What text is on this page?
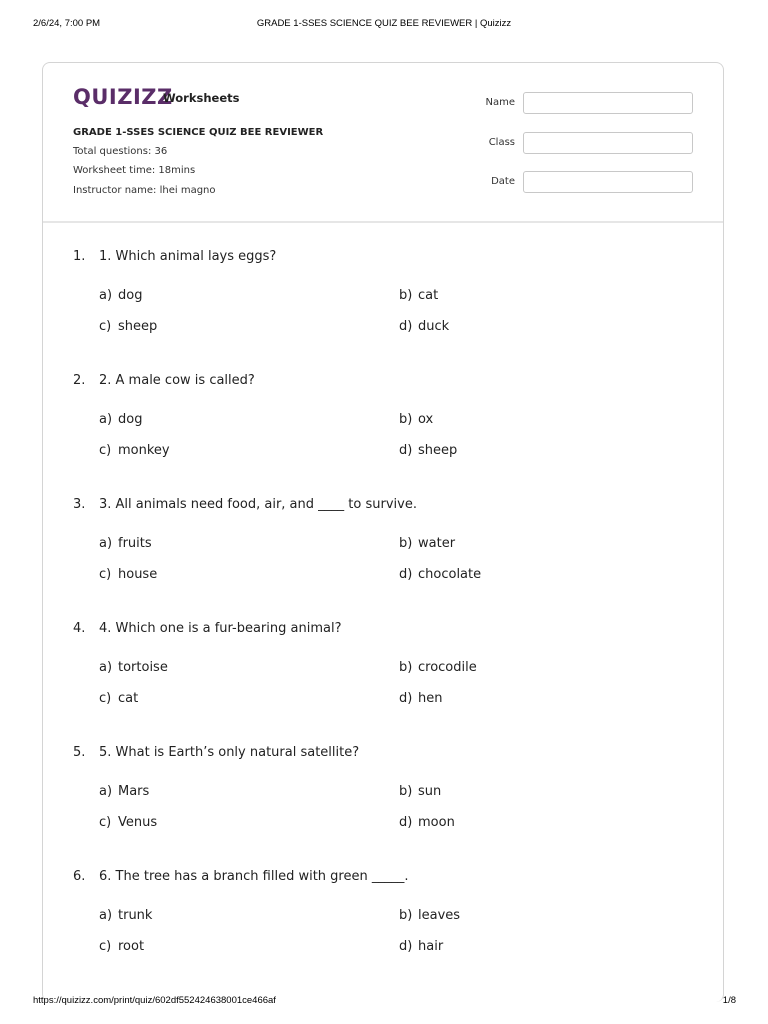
2/6/24, 7:00 PM	GRADE 1-SSES SCIENCE QUIZ BEE REVIEWER | Quizizz
QUIZIZZ
Worksheets
GRADE 1-SSES SCIENCE QUIZ BEE REVIEWER
Total questions: 36
Worksheet time: 18mins
Instructor name: lhei magno
Name
Class
Date
1. 1. Which animal lays eggs?
a) dog	b) cat
c) sheep	d) duck
2. 2. A male cow is called?
a) dog	b) ox
c) monkey	d) sheep
3. 3. All animals need food, air, and ____ to survive.
a) fruits	b) water
c) house	d) chocolate
4. 4. Which one is a fur-bearing animal?
a) tortoise	b) crocodile
c) cat	d) hen
5. 5. What is Earth’s only natural satellite?
a) Mars	b) sun
c) Venus	d) moon
6. 6. The tree has a branch filled with green _____.
a) trunk	b) leaves
c) root	d) hair
https://quizizz.com/print/quiz/602df552424638001ce466af	1/8
